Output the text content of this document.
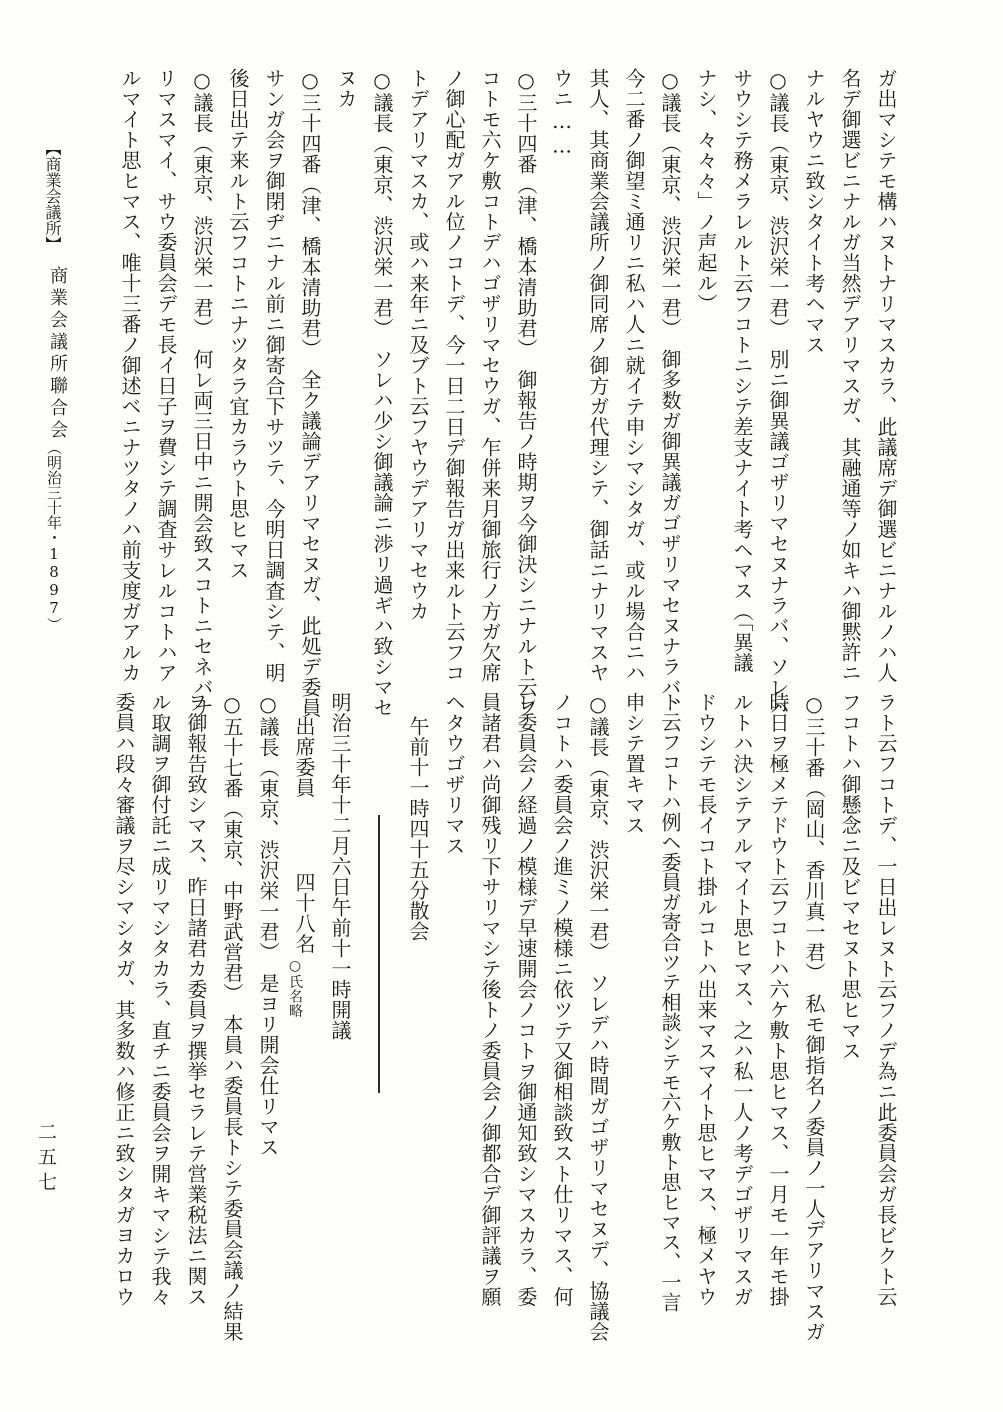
ガ出マシテモ構ハヌトナリマスカラ、此議席デ御選ビニナルノハ人
名デ御選ビニナルガ当然デアリマスガ、其融通等ノ如キハ御黙許ニ
ナルヤウニ致シタイト考ヘマス
○議長（東京、渋沢栄一君）　別ニ御異議ゴザリマセヌナラバ、ソレハ
サウシテ務メラレルト云フコトニシテ差支ナイト考ヘマス（「異議
ナシ、々々々」ノ声起ル）
○議長（東京、渋沢栄一君）　御多数ガ御異議ガゴザリマセヌナラバ、
今二番ノ御望ミ通リニ私ハ人ニ就イテ申シマシタガ、或ル場合ニハ
其人、其商業会議所ノ御同席ノ御方ガ代理シテ、御話ニナリマスヤ
ウニ……
○三十四番（津、橋本清助君）　御報告ノ時期ヲ今御決シニナルト云フ
コトモ六ケ敷コトデハゴザリマセウガ、乍併来月御旅行ノ方ガ欠席
ノ御心配ガアル位ノコトデ、今一日二日デ御報告ガ出来ルト云フコ
トデアリマスカ、或ハ来年ニ及ブト云フヤウデアリマセウカ
○議長（東京、渋沢栄一君）　ソレハ少シ御議論ニ渉リ過ギハ致シマセ
ヌカ
○三十四番（津、橋本清助君）　全ク議論デアリマセヌガ、此処デ委員
サンガ会ヲ御閉ヂニナル前ニ御寄合下サツテ、今明日調査シテ、明
後日出テ来ルト云フコトニナツタラ宜カラウト思ヒマス
○議長（東京、渋沢栄一君）　何レ両三日中ニ開会致スコトニセネバナ
リマスマイ、サウ委員会デモ長イ日子ヲ費シテ調査サレルコトハア
ルマイト思ヒマス、唯十三番ノ御述ベニナツタノハ前支度ガアルカ
ラト云フコトデ、一日出レヌト云フノデ為ニ此委員会ガ長ビクト云
フコトハ御懸念ニ及ビマセヌト思ヒマス
○三十番（岡山、香川真一君）　私モ御指名ノ委員ノ一人デアリマスガ
時日ヲ極メテドウト云フコトハ六ケ敷ト思ヒマス、一月モ一年モ掛
ルトハ決シテアルマイト思ヒマス、之ハ私一人ノ考デゴザリマスガ
ドウシテモ長イコト掛ルコトハ出来マスマイト思ヒマス、極メヤウ
ト云フコトハ例ヘ委員ガ寄合ツテ相談シテモ六ケ敷ト思ヒマス、一言
申シテ置キマス
○議長（東京、渋沢栄一君）　ソレデハ時間ガゴザリマセヌデ、協議会
ノコトハ委員会ノ進ミノ模様ニ依ツテ又御相談致スト仕リマス、何
レ委員会ノ経過ノ模様デ早速開会ノコトヲ御通知致シマスカラ、委
員諸君ハ尚御残リ下サリマシテ後トノ委員会ノ御都合デ御評議ヲ願
ヘタウゴザリマス
午前十一時四十五分散会
明治三十年十二月六日午前十一時開議
出席委員
四十八名
○氏名略
○議長（東京、渋沢栄一君）　是ヨリ開会仕リマス
○五十七番（東京、中野武営君）　本員ハ委員長トシテ委員会議ノ結果
ヲ御報告致シマス、昨日諸君カ委員ヲ撰挙セラレテ営業税法ニ関ス
ル取調ヲ御付託ニ成リマシタカラ、直チニ委員会ヲ開キマシテ我々
委員ハ段々審議ヲ尽シマシタガ、其多数ハ修正ニ致シタガヨカロウ
【商業会議所】
商業会議所聯合会
（明治三十年・1897）
二五七
